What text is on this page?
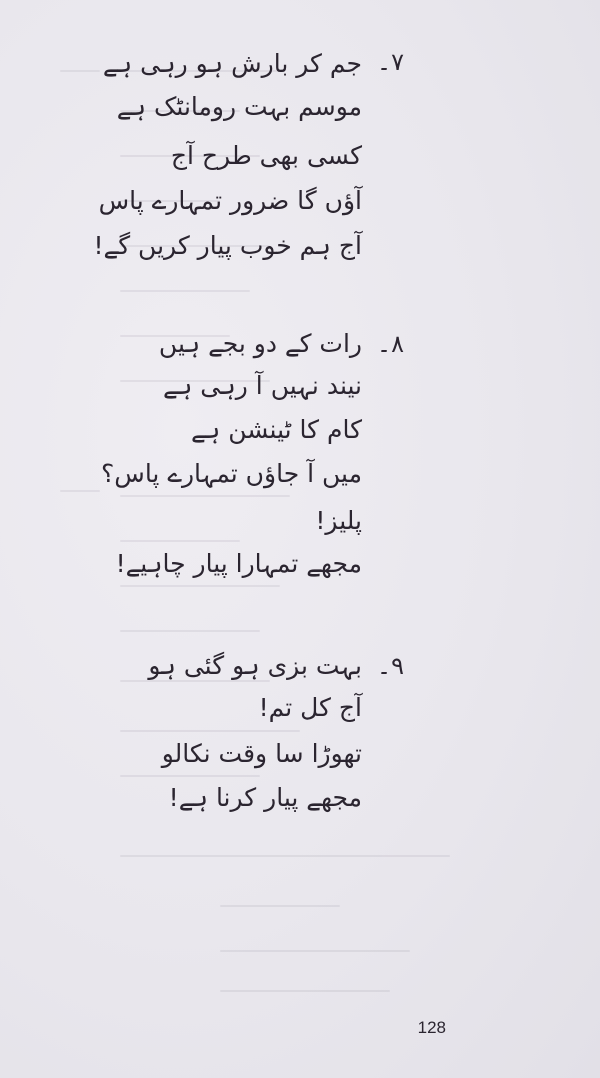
۷۔
جم کر بارش ہو رہی ہے
موسم بہت رومانٹک ہے
کسی بھی طرح آج
آؤں گا ضرور تمہارے پاس
آج ہم خوب پیار کریں گے!
۸۔
رات کے دو بجے ہیں
نیند نہیں آ رہی ہے
کام کا ٹینشن ہے
میں آ جاؤں تمہارے پاس؟
پلیز!
مجھے تمہارا پیار چاہیے!
۹۔
بہت بزی ہو گئی ہو
آج کل تم!
تھوڑا سا وقت نکالو
مجھے پیار کرنا ہے!
128
